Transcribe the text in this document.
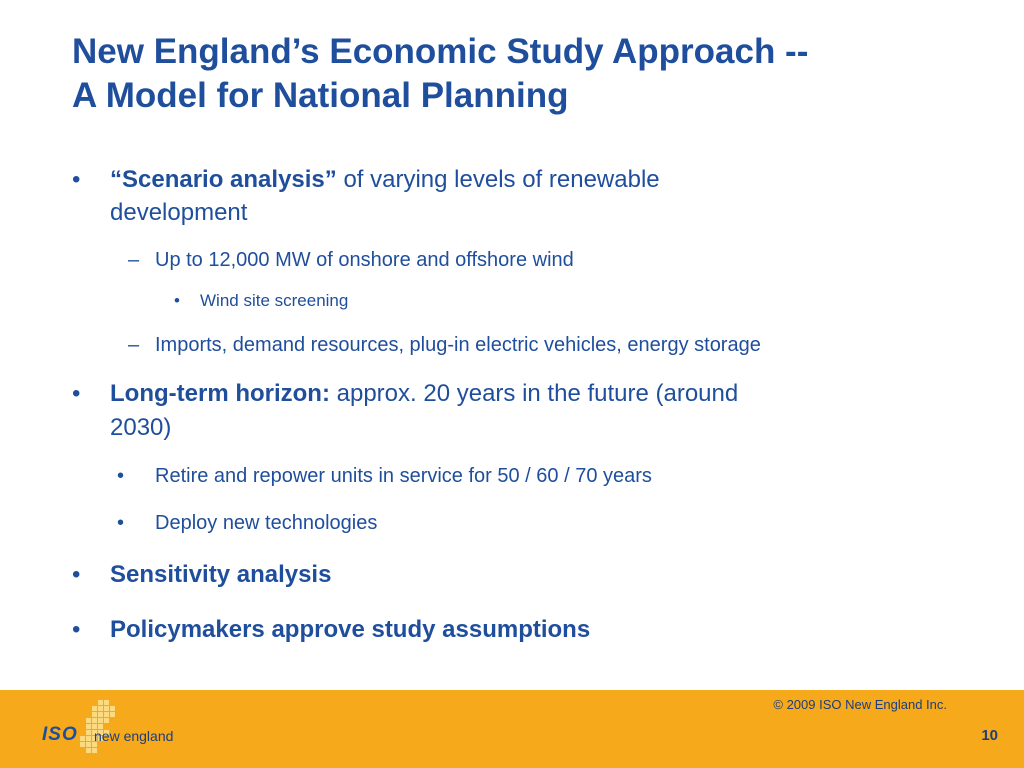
New England’s Economic Study Approach --
A Model for National Planning
• “Scenario analysis” of varying levels of renewable
development
– Up to 12,000 MW of onshore and offshore wind
• Wind site screening
– Imports, demand resources, plug-in electric vehicles, energy storage
• Long-term horizon: approx. 20 years in the future (around
2030)
• Retire and repower units in service for 50 / 60 / 70 years
• Deploy new technologies
• Sensitivity analysis
• Policymakers approve study assumptions
ISO new england
© 2009 ISO New England Inc.
10
